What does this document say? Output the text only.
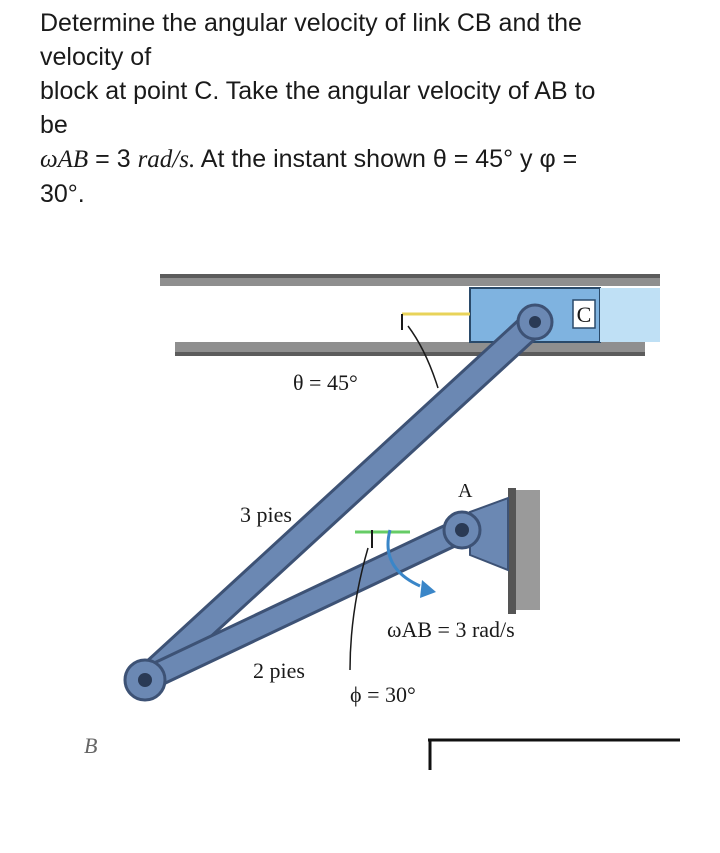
Determine the angular velocity of link CB and the

velocity of

block at point C. Take the angular velocity of AB to

be

ωAB = 3 rad/s. At the instant shown θ = 45° y φ =

30°.

C
θ = 45°
3 pies
A
ωAB = 3 rad/s
2 pies
ϕ = 30°
B
